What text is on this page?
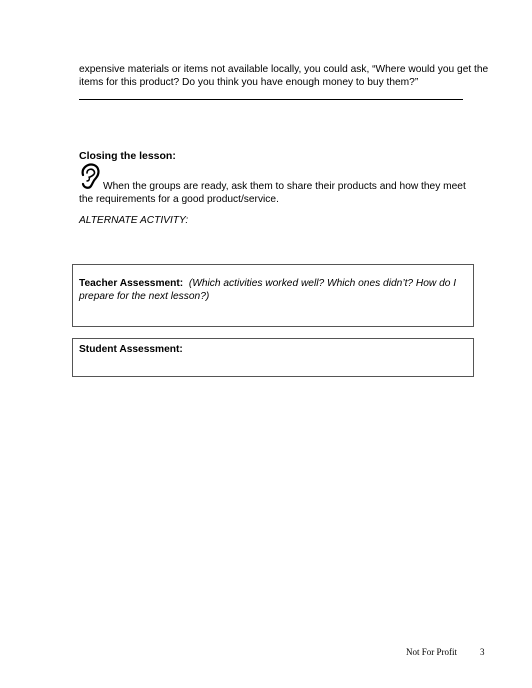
expensive materials or items not available locally, you could ask, “Where would you get the items for this product? Do you think you have enough money to buy them?”

Closing the lesson:

When the groups are ready, ask them to share their products and how they meet

the requirements for a good product/service.

ALTERNATE ACTIVITY:

Teacher Assessment: (Which activities worked well? Which ones didn’t? How do I prepare for the next lesson?)
Student Assessment:
Not For Profit	3
